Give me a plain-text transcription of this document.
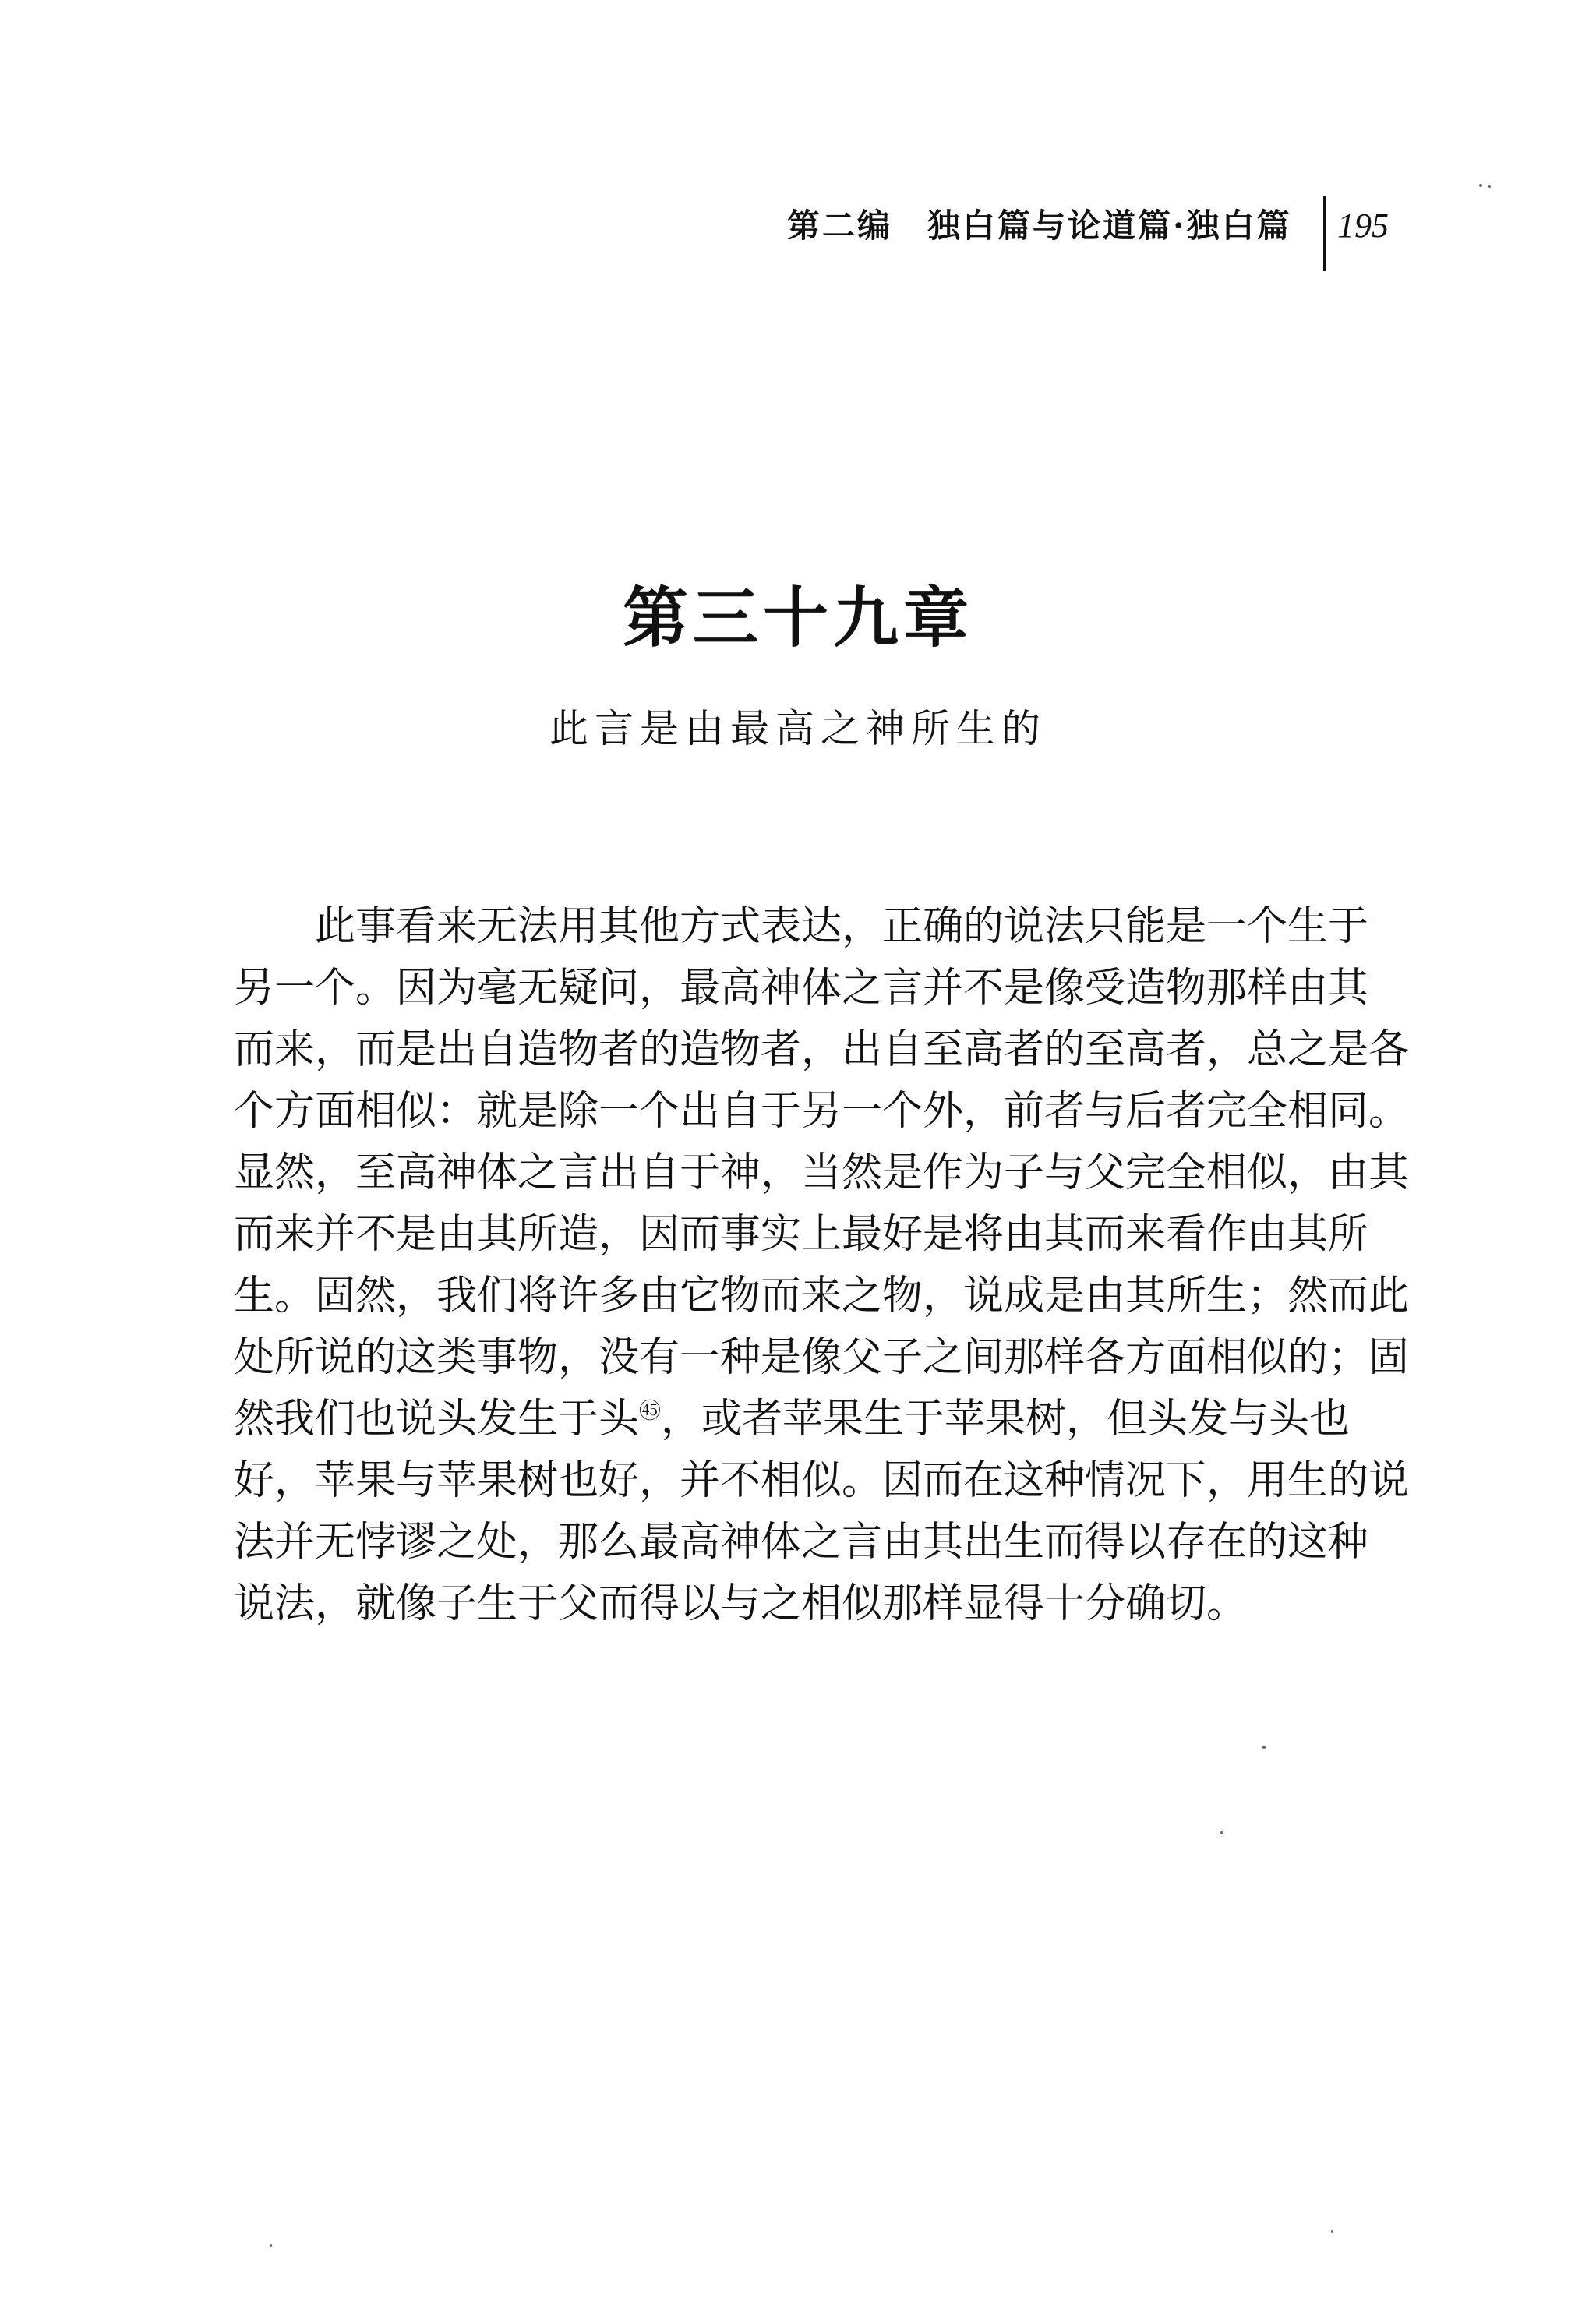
第二编 独白篇与论道篇·独白篇 195
第三十九章
此言是由最高之神所生的
此事看来无法用其他方式表达，正确的说法只能是一个生于
另一个。因为毫无疑问，最高神体之言并不是像受造物那样由其
而来，而是出自造物者的造物者，出自至高者的至高者，总之是各
个方面相似：就是除一个出自于另一个外，前者与后者完全相同。
显然，至高神体之言出自于神，当然是作为子与父完全相似，由其
而来并不是由其所造，因而事实上最好是将由其而来看作由其所
生。固然，我们将许多由它物而来之物，说成是由其所生；然而此
处所说的这类事物，没有一种是像父子之间那样各方面相似的；固
然我们也说头发生于头$^㊺$，或者苹果生于苹果树，但头发与头也
好，苹果与苹果树也好，并不相似。因而在这种情况下，用生的说
法并无悖谬之处，那么最高神体之言由其出生而得以存在的这种
说法，就像子生于父而得以与之相似那样显得十分确切。
